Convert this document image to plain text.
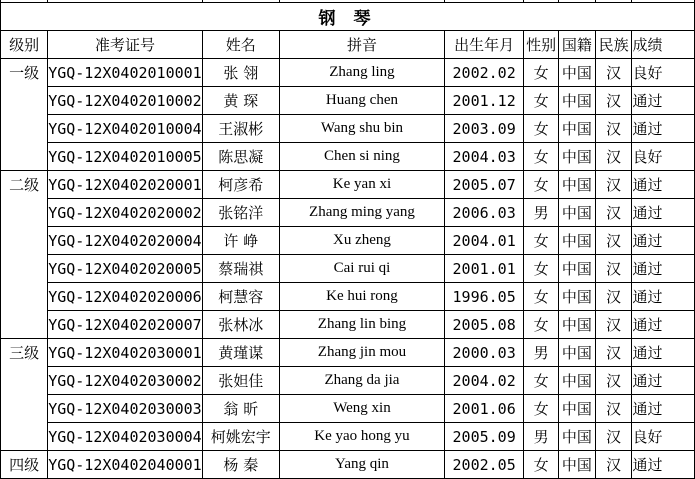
钢 琴								
级别	准考证号	姓名	拼音	出生年月	性别	国籍	民族	成绩
一级	YGQ-12X0402010001	张 翎	Zhang ling	2002.02	女	中国	汉	良好
	YGQ-12X0402010002	黄 琛	Huang chen	2001.12	女	中国	汉	通过
	YGQ-12X0402010004	王淑彬	Wang shu bin	2003.09	女	中国	汉	通过
	YGQ-12X0402010005	陈思凝	Chen si ning	2004.03	女	中国	汉	良好
二级	YGQ-12X0402020001	柯彦希	Ke yan xi	2005.07	女	中国	汉	通过
	YGQ-12X0402020002	张铭洋	Zhang ming yang	2006.03	男	中国	汉	通过
	YGQ-12X0402020004	许 峥	Xu zheng	2004.01	女	中国	汉	通过
	YGQ-12X0402020005	蔡瑞祺	Cai rui qi	2001.01	女	中国	汉	通过
	YGQ-12X0402020006	柯慧容	Ke hui rong	1996.05	女	中国	汉	通过
	YGQ-12X0402020007	张林冰	Zhang lin bing	2005.08	女	中国	汉	通过
三级	YGQ-12X0402030001	黄瑾谋	Zhang jin mou	2000.03	男	中国	汉	通过
	YGQ-12X0402030002	张妲佳	Zhang da jia	2004.02	女	中国	汉	通过
	YGQ-12X0402030003	翁 昕	Weng xin	2001.06	女	中国	汉	通过
	YGQ-12X0402030004	柯姚宏宇	Ke yao hong yu	2005.09	男	中国	汉	良好
四级	YGQ-12X0402040001	杨 秦	Yang qin	2002.05	女	中国	汉	通过
